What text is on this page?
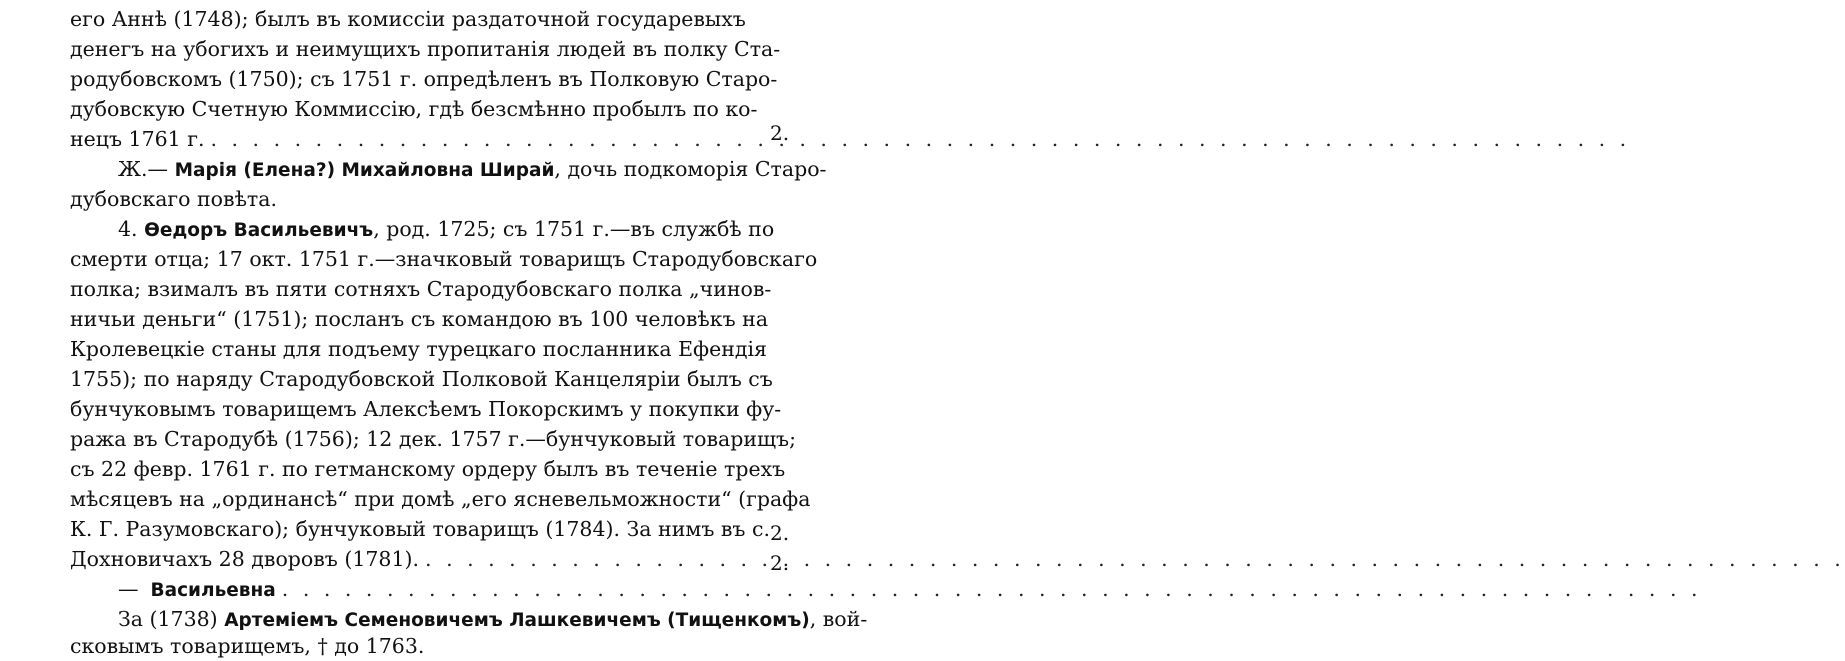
его Аннѣ (1748); былъ въ комиссіи раздаточной государевыхъ
денегъ на убогихъ и неимущихъ пропитанія людей въ полку Ста-
родубовскомъ (1750); съ 1751 г. опредѣленъ въ Полковую Старо-
дубовскую Счетную Коммиссію, гдѣ безсмѣнно пробылъ по ко-
нецъ 1761 г.
. . .	2.
Ж.— Марія (Елена?) Михайловна Ширай, дочь подкоморія Старо-
дубовскаго повѣта.
4. Ѳедоръ Васильевичъ, род. 1725; съ 1751 г.—въ службѣ по
смерти отца; 17 окт. 1751 г.—значковый товарищъ Стародубовскаго
полка; взималъ въ пяти сотняхъ Стародубовскаго полка „чинов-
ничьи деньги“ (1751); посланъ съ командою въ 100 человѣкъ на
Кролевецкіе станы для подъему турецкаго посланника Ефендія
1755); по наряду Стародубовской Полковой Канцеляріи былъ съ
бунчуковымъ товарищемъ Алексѣемъ Покорскимъ у покупки фу-
ража въ Стародубѣ (1756); 12 дек. 1757 г.—бунчуковый товарищъ;
съ 22 февр. 1761 г. по гетманскому ордеру былъ въ теченіе трехъ
мѣсяцевъ на „ординансѣ“ при домѣ „его ясневельможности“ (графа
К. Г. Разумовскаго); бунчуковый товарищъ (1784). За нимъ въ с.
Дохновичахъ 28 дворовъ (1781).
. . .
2.
— Васильевна
. . .
2.
За (1738) Артеміемъ Семеновичемъ Лашкевичемъ (Тищенкомъ), вой-
сковымъ товарищемъ, † до 1763.
